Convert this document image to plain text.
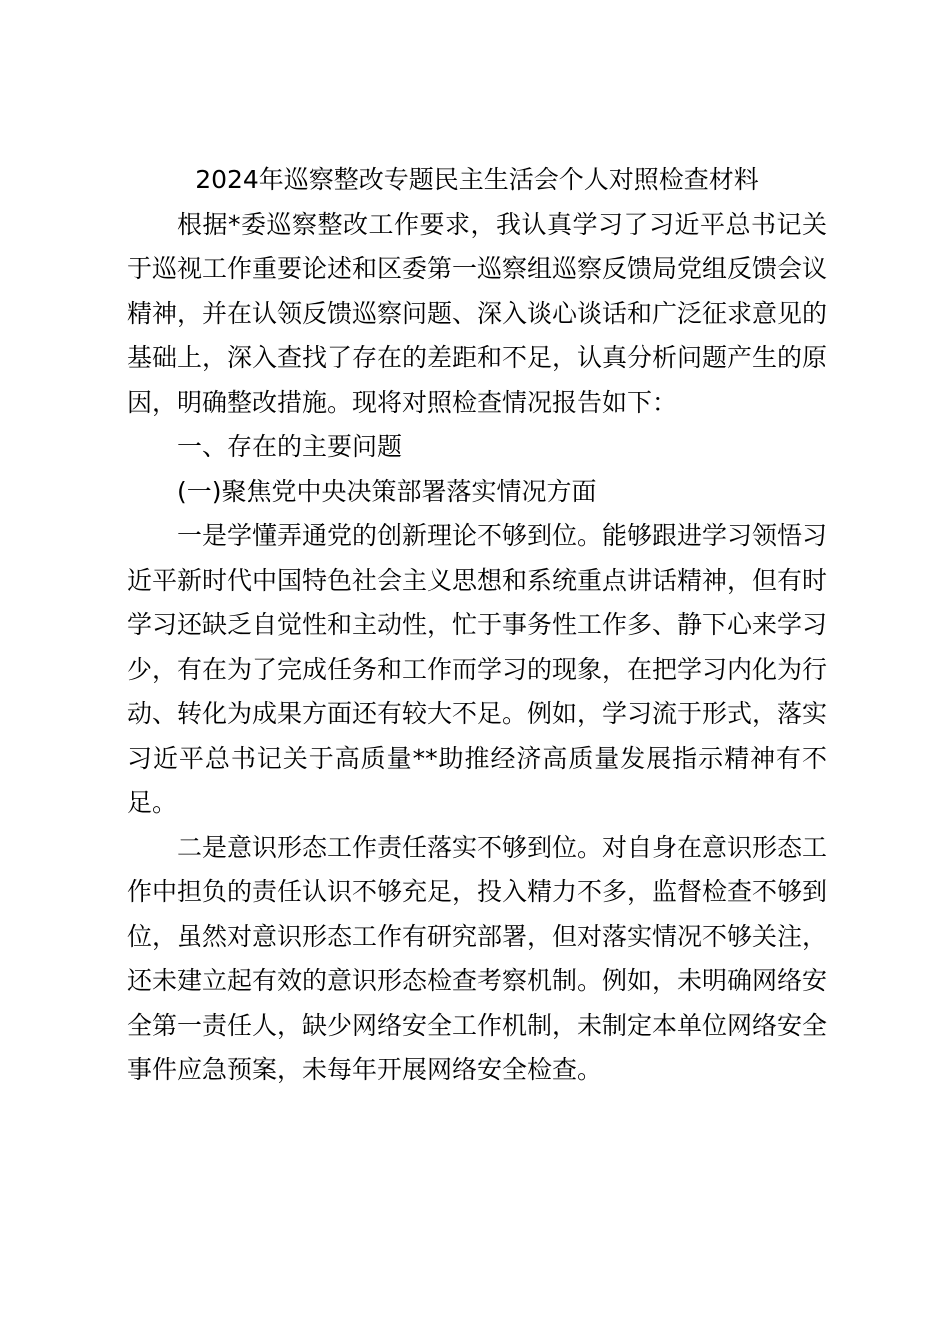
2024年巡察整改专题民主生活会个人对照检查材料

根据*委巡察整改工作要求，我认真学习了习近平总书记关于巡视工作重要论述和区委第一巡察组巡察反馈局党组反馈会议精神，并在认领反馈巡察问题、深入谈心谈话和广泛征求意见的基础上，深入查找了存在的差距和不足，认真分析问题产生的原因，明确整改措施。现将对照检查情况报告如下：

一、存在的主要问题

(一)聚焦党中央决策部署落实情况方面

一是学懂弄通党的创新理论不够到位。能够跟进学习领悟习近平新时代中国特色社会主义思想和系统重点讲话精神，但有时学习还缺乏自觉性和主动性，忙于事务性工作多、静下心来学习少，有在为了完成任务和工作而学习的现象，在把学习内化为行动、转化为成果方面还有较大不足。例如，学习流于形式，落实习近平总书记关于高质量**助推经济高质量发展指示精神有不足。

二是意识形态工作责任落实不够到位。对自身在意识形态工作中担负的责任认识不够充足，投入精力不多，监督检查不够到位，虽然对意识形态工作有研究部署，但对落实情况不够关注，还未建立起有效的意识形态检查考察机制。例如，未明确网络安全第一责任人，缺少网络安全工作机制，未制定本单位网络安全事件应急预案，未每年开展网络安全检查。
